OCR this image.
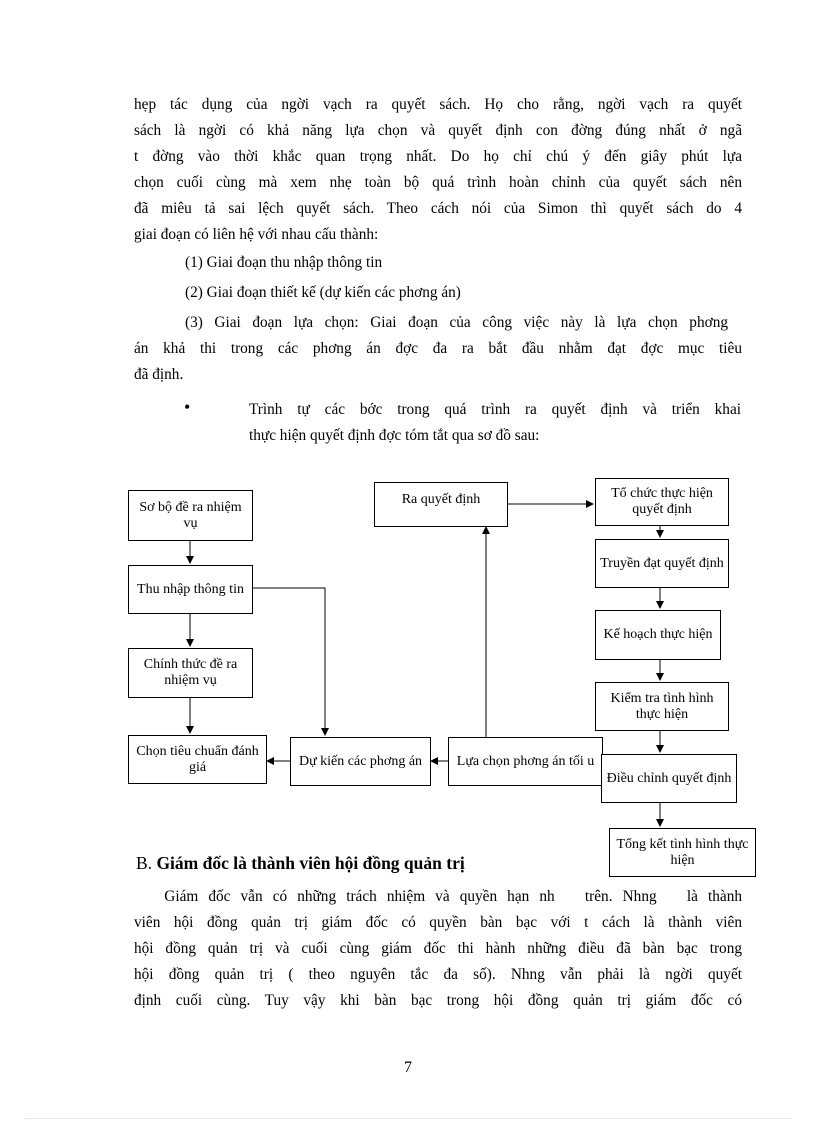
hẹp tác dụng của ngời vạch ra quyết sách. Họ cho rằng, ngời vạch ra quyết
sách là ngời có khả năng lựa chọn và quyết định con đờng đúng nhất ở ngã
t đờng vào thời khắc quan trọng nhất. Do họ chỉ chú ý đến giây phút lựa
chọn cuối cùng mà xem nhẹ toàn bộ quá trình hoàn chỉnh của quyết sách nên
đã miêu tả sai lệch quyết sách. Theo cách nói của Simon thì quyết sách do 4
giai đoạn có liên hệ với nhau cấu thành:
(1) Giai đoạn thu nhập thông tin
(2) Giai đoạn thiết kế (dự kiến các phơng án)
(3) Giai đoạn lựa chọn: Giai đoạn của công việc này là lựa chọn phơng
án khả thi trong các phơng án đợc đa ra bắt đầu nhằm đạt đợc mục tiêu
đã định.
•	Trình tự các bớc trong quá trình ra quyết định và triển khai
thực hiện quyết định đợc tóm tắt qua sơ đồ sau:
Sơ bộ đề ra nhiệm vụ
Thu nhập thông tin
Chính thức đề ra nhiệm vụ
Chọn tiêu chuẩn đánh giá	Dự kiến các phơng án	Lựa chọn phơng án tối u
Ra quyết định	Tổ chức thực hiện quyết định
Truyền đạt quyết định
Kế hoạch thực hiện
Kiểm tra tình hình thực hiện
Điều chỉnh quyết định
Tổng kết tình hình thực hiện
B. Giám đốc là thành viên hội đồng quản trị
Giám đốc vẫn có những trách nhiệm và quyền hạn nh   trên. Nhng   là thành
viên hội đồng quản trị giám đốc có quyền bàn bạc với t cách là thành viên
hội đồng quản trị và cuối cùng giám đốc thi hành những điều đã bàn bạc trong
hội đồng quản trị ( theo nguyên tắc đa số). Nhng vẫn phải là ngời quyết
định cuối cùng. Tuy vậy khi bàn bạc trong hội đồng quản trị giám đốc có
7
